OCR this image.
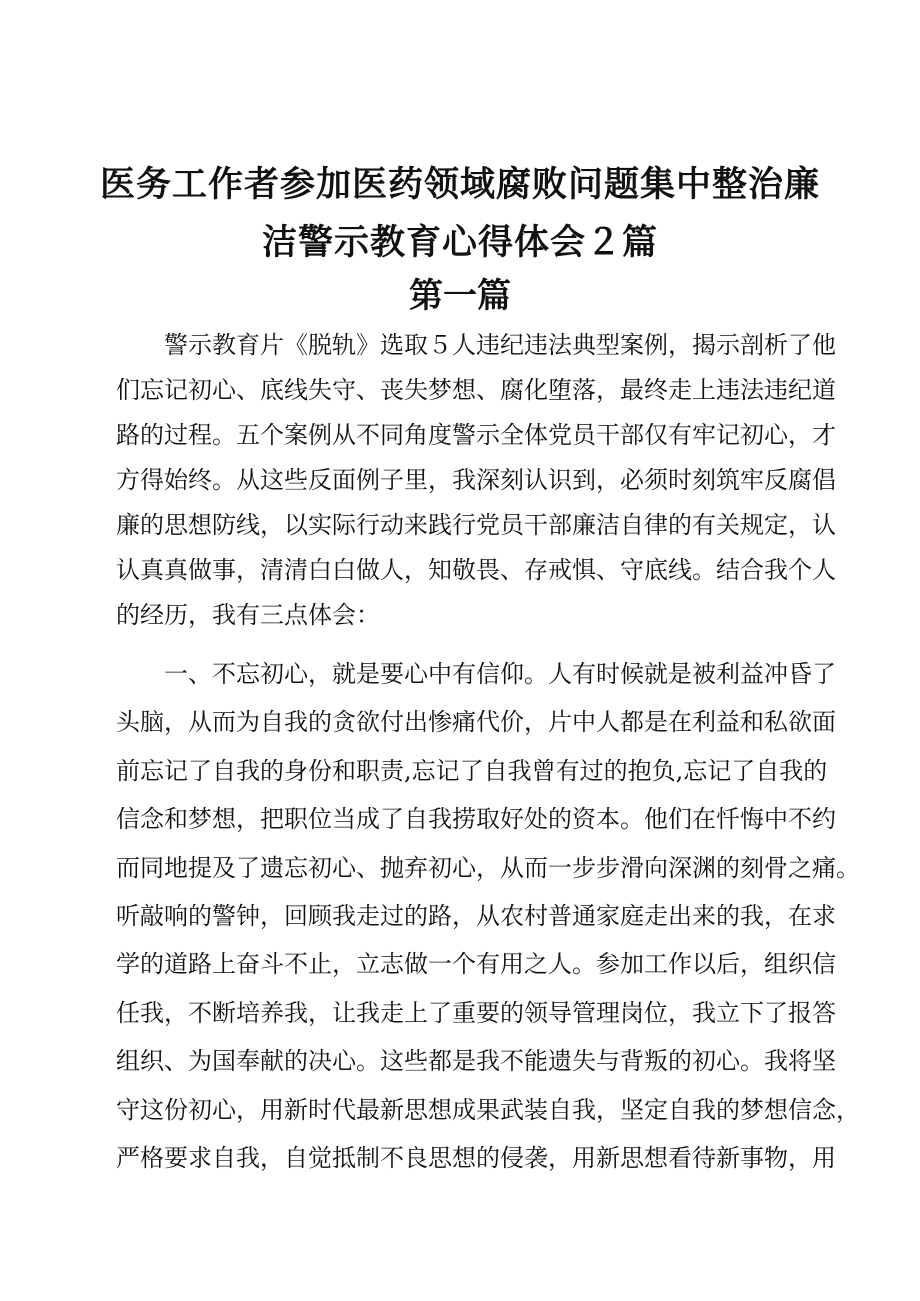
医务工作者参加医药领域腐败问题集中整治廉
洁警示教育心得体会２篇
第一篇
警示教育片《脱轨》选取５人违纪违法典型案例，揭示剖析了他
们忘记初心、底线失守、丧失梦想、腐化堕落，最终走上违法违纪道
路的过程。五个案例从不同角度警示全体党员干部仅有牢记初心，才
方得始终。从这些反面例子里，我深刻认识到，必须时刻筑牢反腐倡
廉的思想防线，以实际行动来践行党员干部廉洁自律的有关规定，认
认真真做事，清清白白做人，知敬畏、存戒惧、守底线。结合我个人
的经历，我有三点体会：
一、不忘初心，就是要心中有信仰。人有时候就是被利益冲昏了
头脑，从而为自我的贪欲付出惨痛代价，片中人都是在利益和私欲面
前忘记了自我的身份和职责,忘记了自我曾有过的抱负,忘记了自我的
信念和梦想，把职位当成了自我捞取好处的资本。他们在忏悔中不约
而同地提及了遗忘初心、抛弃初心，从而一步步滑向深渊的刻骨之痛。
听敲响的警钟，回顾我走过的路，从农村普通家庭走出来的我，在求
学的道路上奋斗不止，立志做一个有用之人。参加工作以后，组织信
任我，不断培养我，让我走上了重要的领导管理岗位，我立下了报答
组织、为国奉献的决心。这些都是我不能遗失与背叛的初心。我将坚
守这份初心，用新时代最新思想成果武装自我，坚定自我的梦想信念，
严格要求自我，自觉抵制不良思想的侵袭，用新思想看待新事物，用
